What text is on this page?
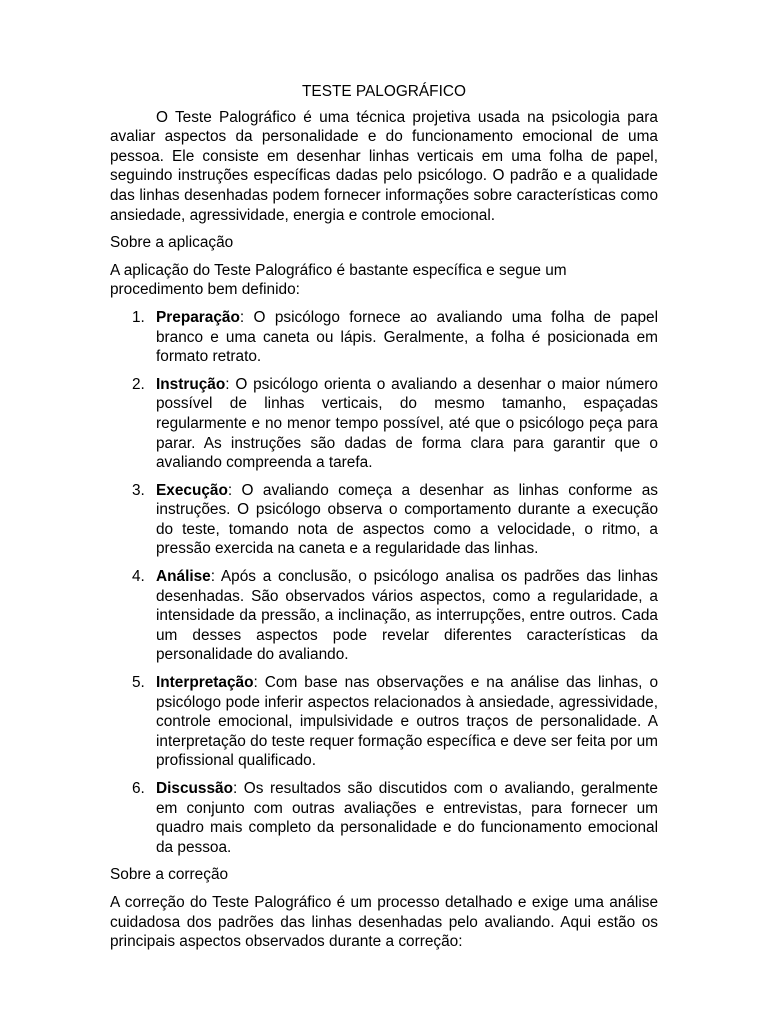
TESTE PALOGRÁFICO

O Teste Palográfico é uma técnica projetiva usada na psicologia para avaliar aspectos da personalidade e do funcionamento emocional de uma pessoa. Ele consiste em desenhar linhas verticais em uma folha de papel, seguindo instruções específicas dadas pelo psicólogo. O padrão e a qualidade das linhas desenhadas podem fornecer informações sobre características como ansiedade, agressividade, energia e controle emocional.

Sobre a aplicação

A aplicação do Teste Palográfico é bastante específica e segue um procedimento bem definido:

1. Preparação: O psicólogo fornece ao avaliando uma folha de papel branco e uma caneta ou lápis. Geralmente, a folha é posicionada em formato retrato.
2. Instrução: O psicólogo orienta o avaliando a desenhar o maior número possível de linhas verticais, do mesmo tamanho, espaçadas regularmente e no menor tempo possível, até que o psicólogo peça para parar. As instruções são dadas de forma clara para garantir que o avaliando compreenda a tarefa.
3. Execução: O avaliando começa a desenhar as linhas conforme as instruções. O psicólogo observa o comportamento durante a execução do teste, tomando nota de aspectos como a velocidade, o ritmo, a pressão exercida na caneta e a regularidade das linhas.
4. Análise: Após a conclusão, o psicólogo analisa os padrões das linhas desenhadas. São observados vários aspectos, como a regularidade, a intensidade da pressão, a inclinação, as interrupções, entre outros. Cada um desses aspectos pode revelar diferentes características da personalidade do avaliando.
5. Interpretação: Com base nas observações e na análise das linhas, o psicólogo pode inferir aspectos relacionados à ansiedade, agressividade, controle emocional, impulsividade e outros traços de personalidade. A interpretação do teste requer formação específica e deve ser feita por um profissional qualificado.
6. Discussão: Os resultados são discutidos com o avaliando, geralmente em conjunto com outras avaliações e entrevistas, para fornecer um quadro mais completo da personalidade e do funcionamento emocional da pessoa.

Sobre a correção

A correção do Teste Palográfico é um processo detalhado e exige uma análise cuidadosa dos padrões das linhas desenhadas pelo avaliando. Aqui estão os principais aspectos observados durante a correção:
